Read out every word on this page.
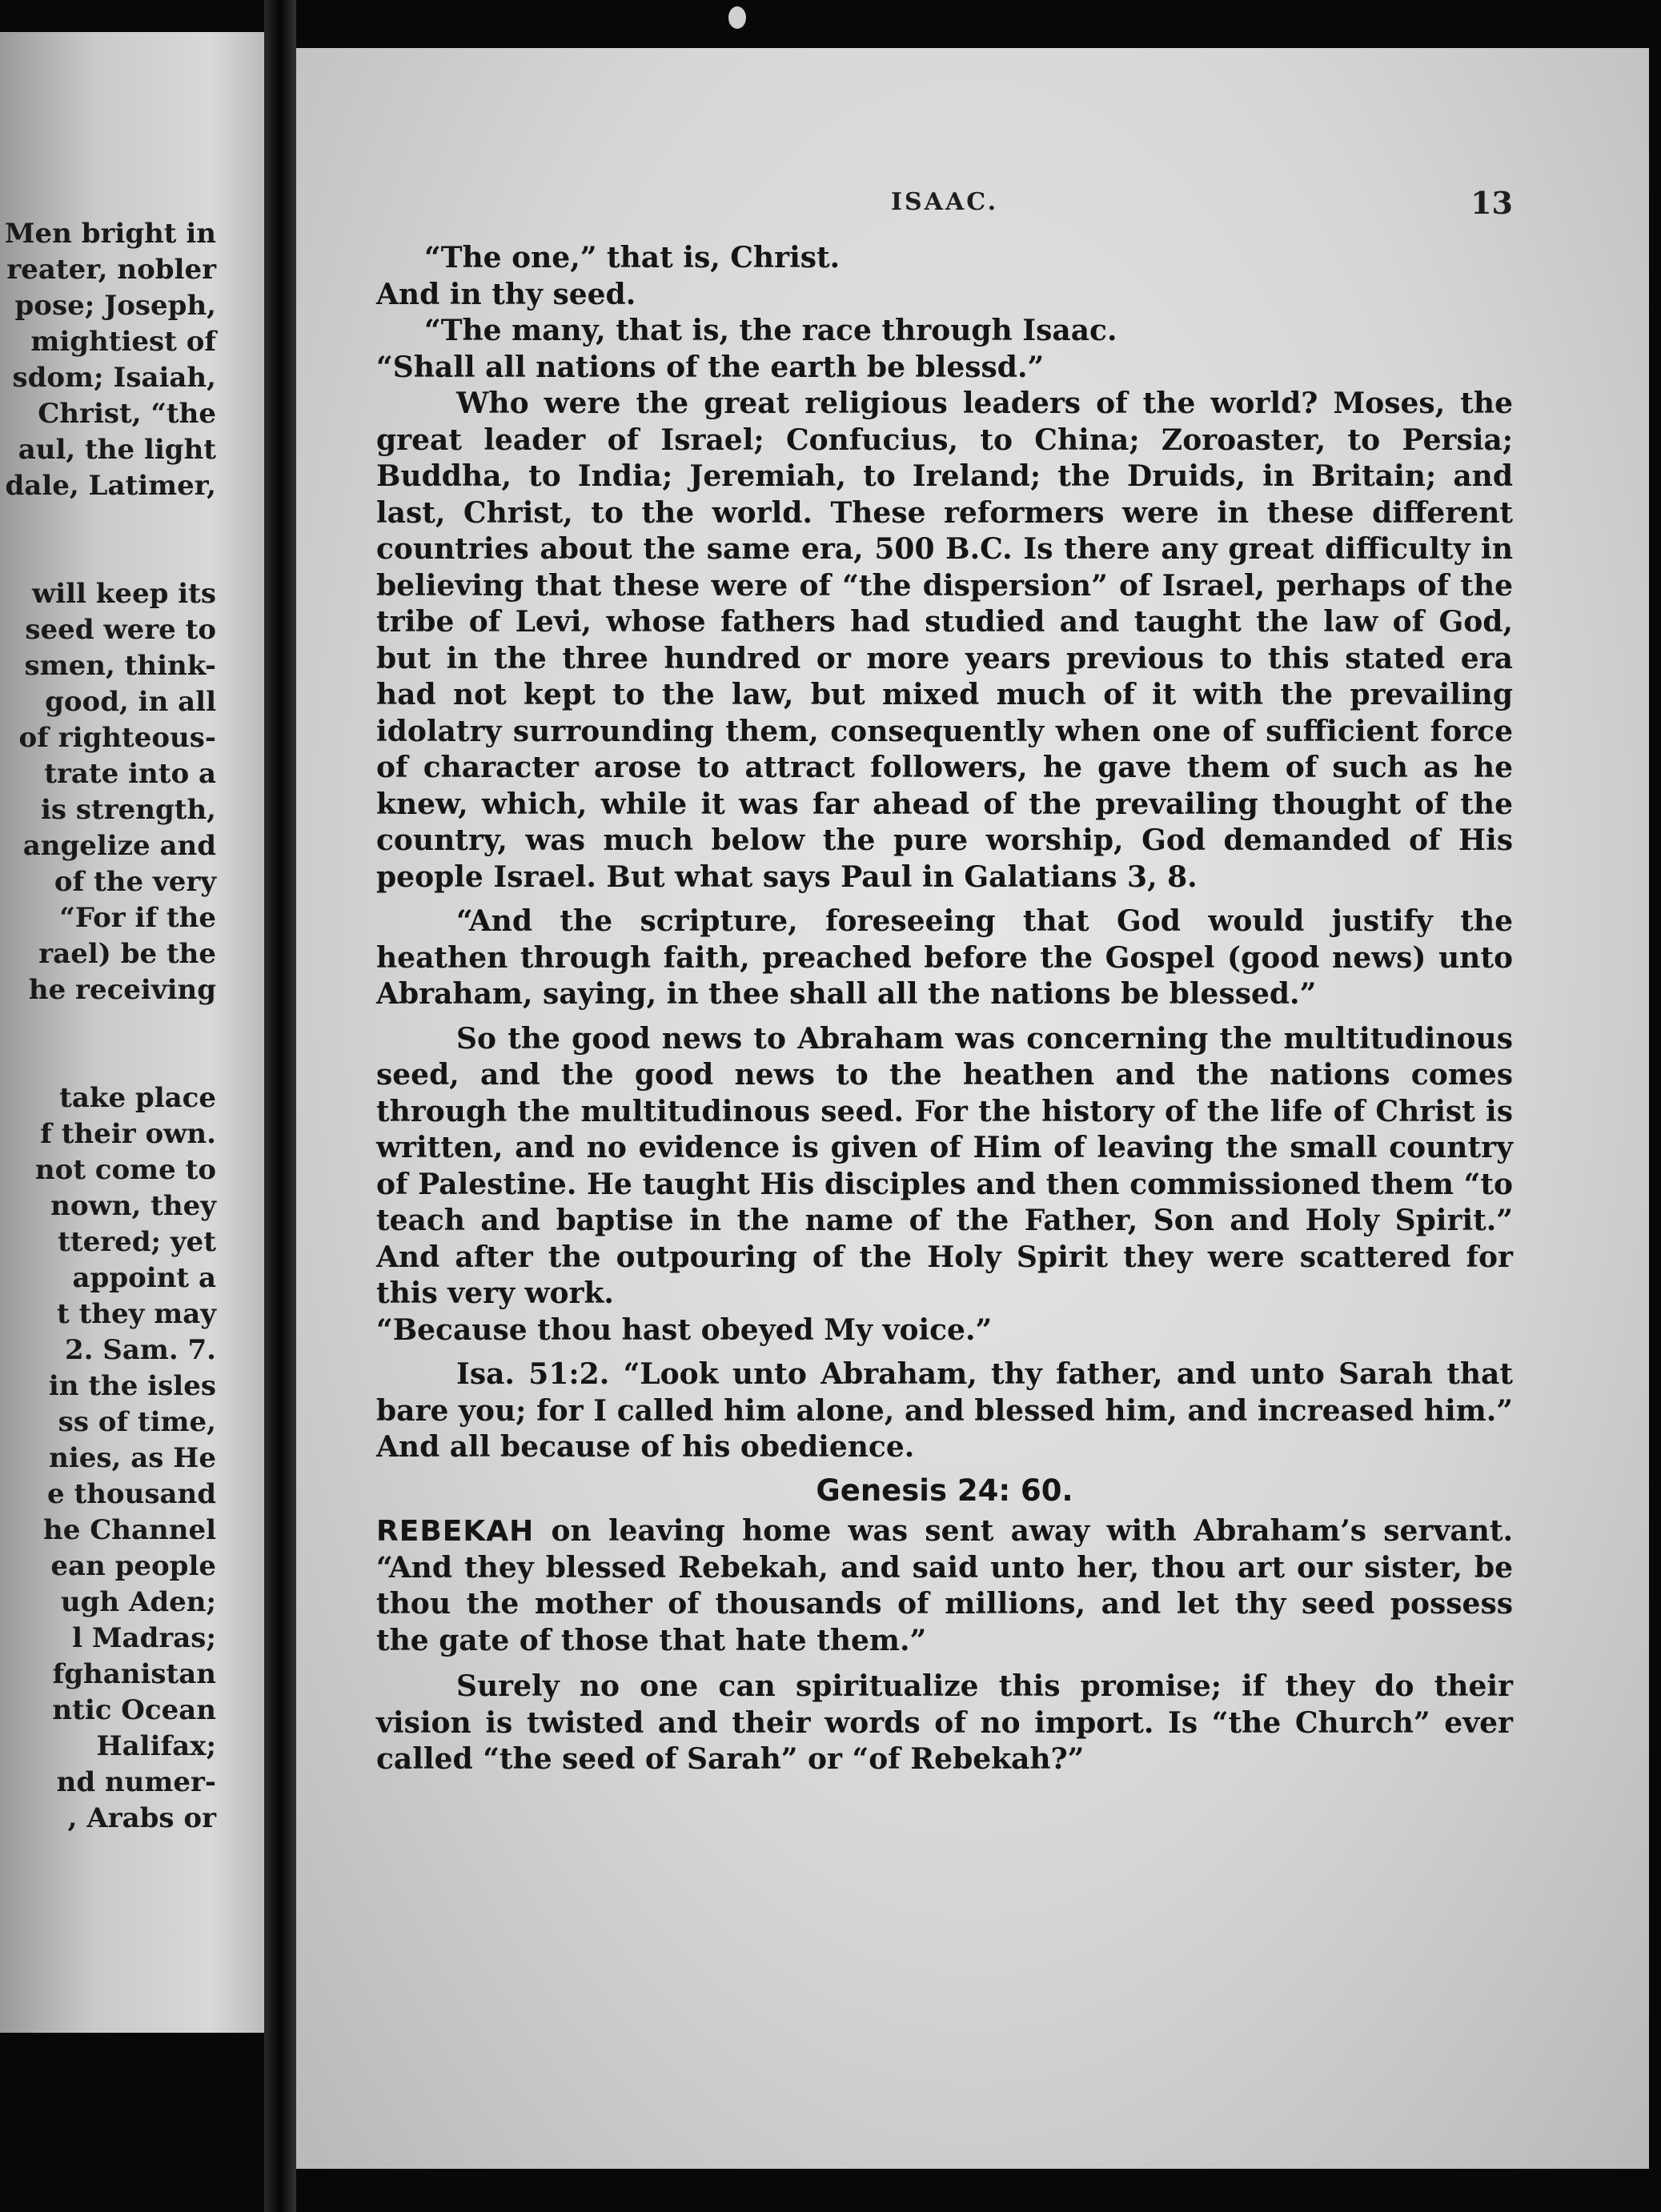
Men bright in
reater, nobler
pose; Joseph,
mightiest of
sdom; Isaiah,
Christ, “the
aul, the light
dale, Latimer,
will keep its
seed were to
smen, think-
good, in all
of righteous-
trate into a
is strength,
angelize and
of the very
“For if the
rael) be the
he receiving
take place
f their own.
not come to
nown, they
ttered; yet
appoint a
t they may
2. Sam. 7.
in the isles
ss of time,
nies, as He
e thousand
he Channel
ean people
ugh Aden;
l Madras;
fghanistan
ntic Ocean
Halifax;
nd numer-
, Arabs or
ISAAC.	13

“The one,” that is, Christ.

And in thy seed.

“The many, that is, the race through Isaac.

“Shall all nations of the earth be blessd.”

Who were the great religious leaders of the world? Moses, the great leader of Israel; Confucius, to China; Zoroaster, to Persia; Buddha, to India; Jeremiah, to Ireland; the Druids, in Britain; and last, Christ, to the world. These reformers were in these different countries about the same era, 500 B.C. Is there any great difficulty in believing that these were of “the dispersion” of Israel, perhaps of the tribe of Levi, whose fathers had studied and taught the law of God, but in the three hundred or more years previous to this stated era had not kept to the law, but mixed much of it with the prevailing idolatry surrounding them, consequently when one of sufficient force of character arose to attract followers, he gave them of such as he knew, which, while it was far ahead of the prevailing thought of the country, was much below the pure worship, God demanded of His people Israel. But what says Paul in Galatians 3, 8.

“And the scripture, foreseeing that God would justify the heathen through faith, preached before the Gospel (good news) unto Abraham, saying, in thee shall all the nations be blessed.”

So the good news to Abraham was concerning the multitudinous seed, and the good news to the heathen and the nations comes through the multitudinous seed. For the history of the life of Christ is written, and no evidence is given of Him of leaving the small country of Palestine. He taught His disciples and then commissioned them “to teach and baptise in the name of the Father, Son and Holy Spirit.” And after the outpouring of the Holy Spirit they were scattered for this very work.

“Because thou hast obeyed My voice.”

Isa. 51:2. “Look unto Abraham, thy father, and unto Sarah that bare you; for I called him alone, and blessed him, and increased him.” And all because of his obedience.

Genesis 24: 60.

REBEKAH on leaving home was sent away with Abraham’s servant. “And they blessed Rebekah, and said unto her, thou art our sister, be thou the mother of thousands of millions, and let thy seed possess the gate of those that hate them.”

Surely no one can spiritualize this promise; if they do their vision is twisted and their words of no import. Is “the Church” ever called “the seed of Sarah” or “of Rebekah?”
